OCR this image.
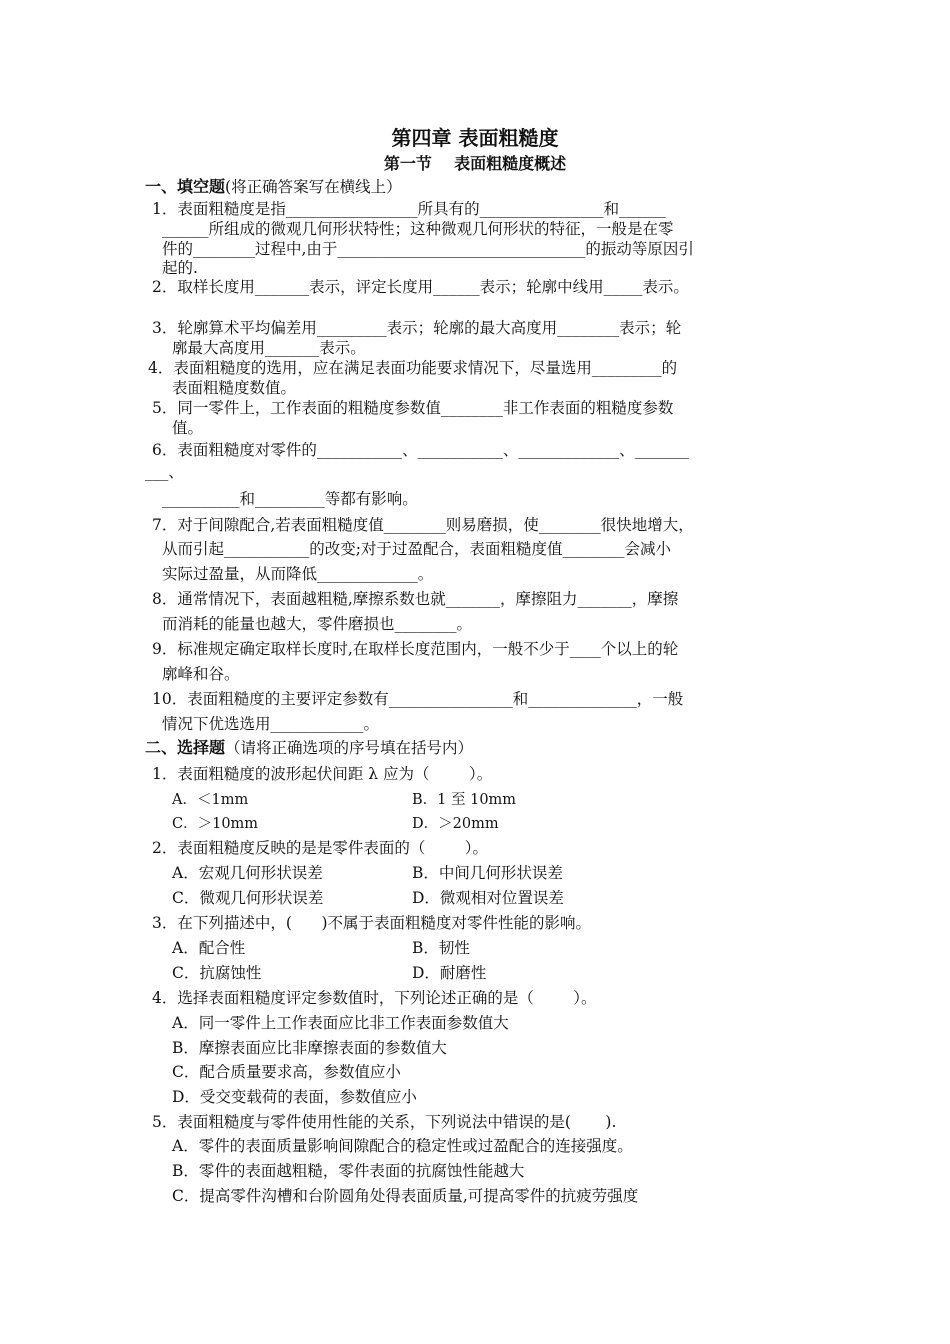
第四章 表面粗糙度
第一节    表面粗糙度概述
一、填空题(将正确答案写在横线上）
1．表面粗糙度是指_________________所具有的________________和______
______所组成的微观几何形状特性；这种微观几何形状的特征，一般是在零
件的________过程中,由于________________________________的振动等原因引
起的.
2．取样长度用_______表示，评定长度用______表示；轮廓中线用_____表示。
3．轮廓算术平均偏差用_________表示；轮廓的最大高度用________表示；轮
廓最大高度用_______表示。
4．表面粗糙度的选用，应在满足表面功能要求情况下，尽量选用_________的
表面粗糙度数值。
5．同一零件上，工作表面的粗糙度参数值________非工作表面的粗糙度参数
值。
6．表面粗糙度对零件的___________、___________、_____________、_______
___、
__________和_________等都有影响。
7．对于间隙配合,若表面粗糙度值________则易磨损，使________很快地增大，
从而引起___________的改变;对于过盈配合，表面粗糙度值________会减小
实际过盈量，从而降低_____________。
8．通常情况下，表面越粗糙,摩擦系数也就_______，摩擦阻力_______，摩擦
而消耗的能量也越大，零件磨损也________。
9．标准规定确定取样长度时,在取样长度范围内，一般不少于____个以上的轮
廓峰和谷。
10．表面粗糙度的主要评定参数有________________和______________，一般
情况下优选选用____________。
二、选择题（请将正确选项的序号填在括号内）
1．表面粗糙度的波形起伏间距 λ 应为（        ）。
A．＜1mm	B．1 至 10mm
C．＞10mm	D．＞20mm
2．表面粗糙度反映的是是零件表面的（        ）。
A．宏观几何形状误差	B．中间几何形状误差
C．微观几何形状误差	D．微观相对位置误差
3．在下列描述中，(      )不属于表面粗糙度对零件性能的影响。
A．配合性	B．韧性
C．抗腐蚀性	D．耐磨性
4．选择表面粗糙度评定参数值时，下列论述正确的是（        ）。
A．同一零件上工作表面应比非工作表面参数值大
B．摩擦表面应比非摩擦表面的参数值大
C．配合质量要求高，参数值应小
D．受交变载荷的表面，参数值应小
5．表面粗糙度与零件使用性能的关系，下列说法中错误的是(       ).
A．零件的表面质量影响间隙配合的稳定性或过盈配合的连接强度。
B．零件的表面越粗糙，零件表面的抗腐蚀性能越大
C．提高零件沟槽和台阶圆角处得表面质量,可提高零件的抗疲劳强度
